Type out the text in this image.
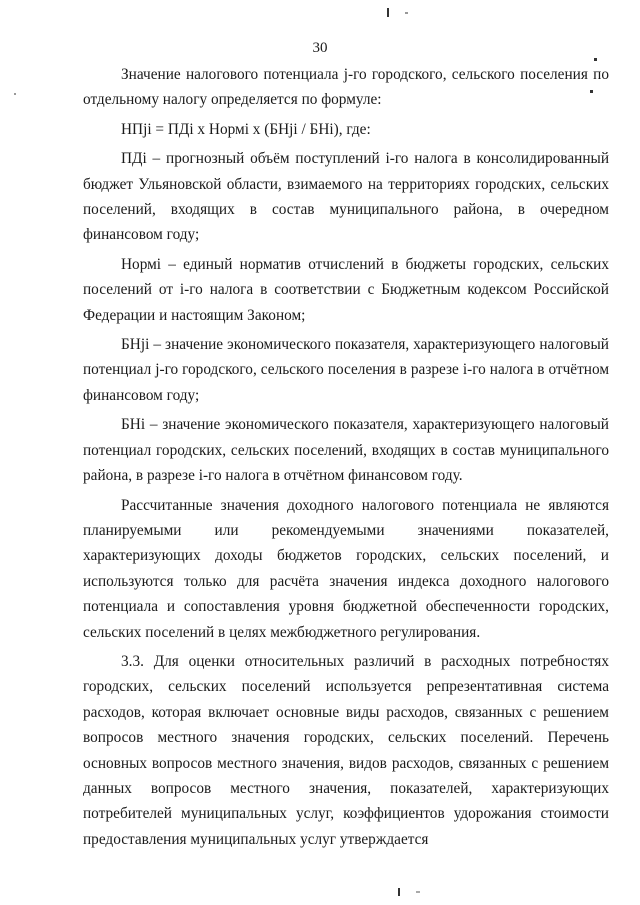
30

Значение налогового потенциала j-го городского, сельского поселения по отдельному налогу определяется по формуле:

НПji = ПДi x Нормi x (БНji / БНi), где:

ПДi – прогнозный объём поступлений i-го налога в консолидированный бюджет Ульяновской области, взимаемого на территориях городских, сельских поселений, входящих в состав муниципального района, в очередном финансовом году;

Нормi – единый норматив отчислений в бюджеты городских, сельских поселений от i-го налога в соответствии с Бюджетным кодексом Российской Федерации и настоящим Законом;

БНji – значение экономического показателя, характеризующего налоговый потенциал j-го городского, сельского поселения в разрезе i-го налога в отчётном финансовом году;

БНi – значение экономического показателя, характеризующего налоговый потенциал городских, сельских поселений, входящих в состав муниципального района, в разрезе i-го налога в отчётном финансовом году.

Рассчитанные значения доходного налогового потенциала не являются планируемыми или рекомендуемыми значениями показателей, характеризующих доходы бюджетов городских, сельских поселений, и используются только для расчёта значения индекса доходного налогового потенциала и сопоставления уровня бюджетной обеспеченности городских, сельских поселений в целях межбюджетного регулирования.

3.3. Для оценки относительных различий в расходных потребностях городских, сельских поселений используется репрезентативная система расходов, которая включает основные виды расходов, связанных с решением вопросов местного значения городских, сельских поселений. Перечень основных вопросов местного значения, видов расходов, связанных с решением данных вопросов местного значения, показателей, характеризующих потребителей муниципальных услуг, коэффициентов удорожания стоимости предоставления муниципальных услуг утверждается
